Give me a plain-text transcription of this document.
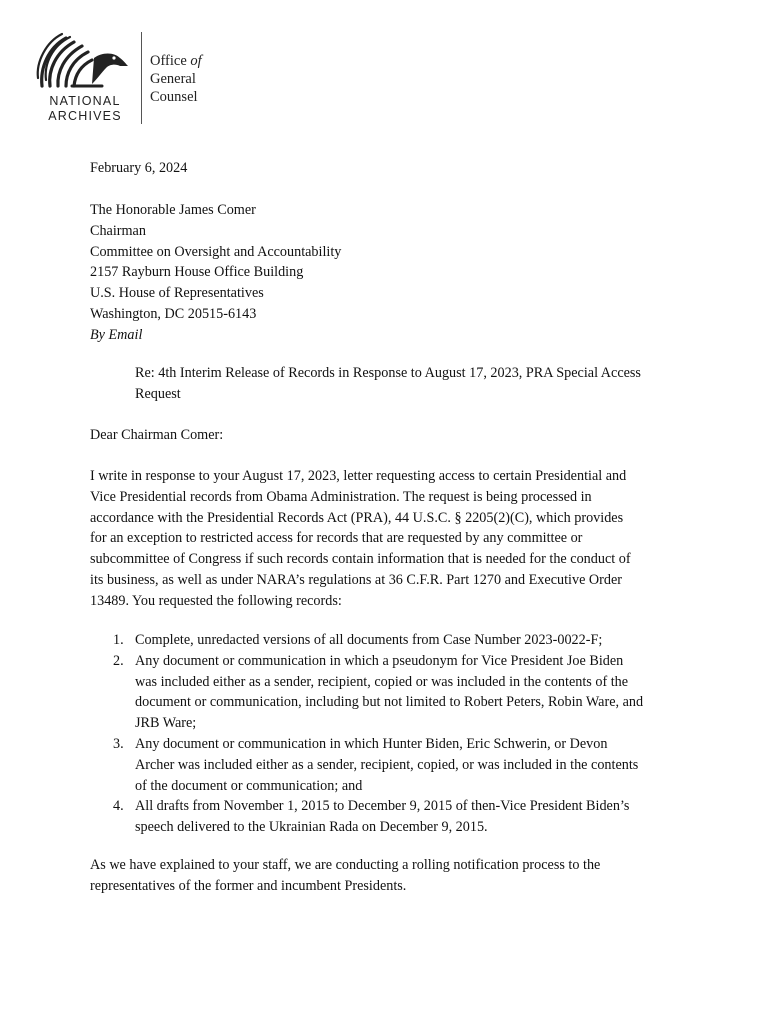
NATIONAL
ARCHIVES
Office of
General
Counsel
February 6, 2024
The Honorable James Comer
Chairman
Committee on Oversight and Accountability
2157 Rayburn House Office Building
U.S. House of Representatives
Washington, DC 20515-6143
By Email
Re: 4th Interim Release of Records in Response to August 17, 2023, PRA Special Access
Request
Dear Chairman Comer:
I write in response to your August 17, 2023, letter requesting access to certain Presidential and
Vice Presidential records from Obama Administration. The request is being processed in
accordance with the Presidential Records Act (PRA), 44 U.S.C. § 2205(2)(C), which provides
for an exception to restricted access for records that are requested by any committee or
subcommittee of Congress if such records contain information that is needed for the conduct of
its business, as well as under NARA’s regulations at 36 C.F.R. Part 1270 and Executive Order
13489. You requested the following records:
1. Complete, unredacted versions of all documents from Case Number 2023-0022-F;
2. Any document or communication in which a pseudonym for Vice President Joe Biden
was included either as a sender, recipient, copied or was included in the contents of the
document or communication, including but not limited to Robert Peters, Robin Ware, and
JRB Ware;
3. Any document or communication in which Hunter Biden, Eric Schwerin, or Devon
Archer was included either as a sender, recipient, copied, or was included in the contents
of the document or communication; and
4. All drafts from November 1, 2015 to December 9, 2015 of then-Vice President Biden’s
speech delivered to the Ukrainian Rada on December 9, 2015.
As we have explained to your staff, we are conducting a rolling notification process to the
representatives of the former and incumbent Presidents.
